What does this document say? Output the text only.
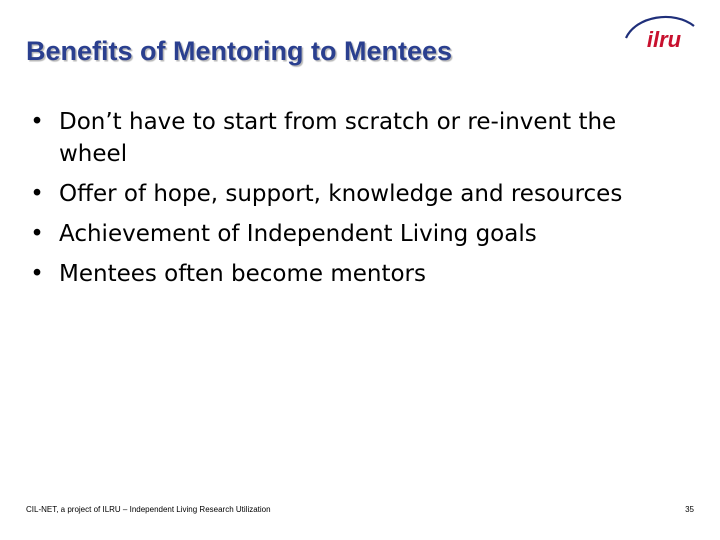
Benefits of Mentoring to Mentees	ilru
• Don’t have to start from scratch or re-invent the wheel
• Offer of hope, support, knowledge and resources
• Achievement of Independent Living goals
• Mentees often become mentors
CIL-NET, a project of ILRU – Independent Living Research Utilization	35
